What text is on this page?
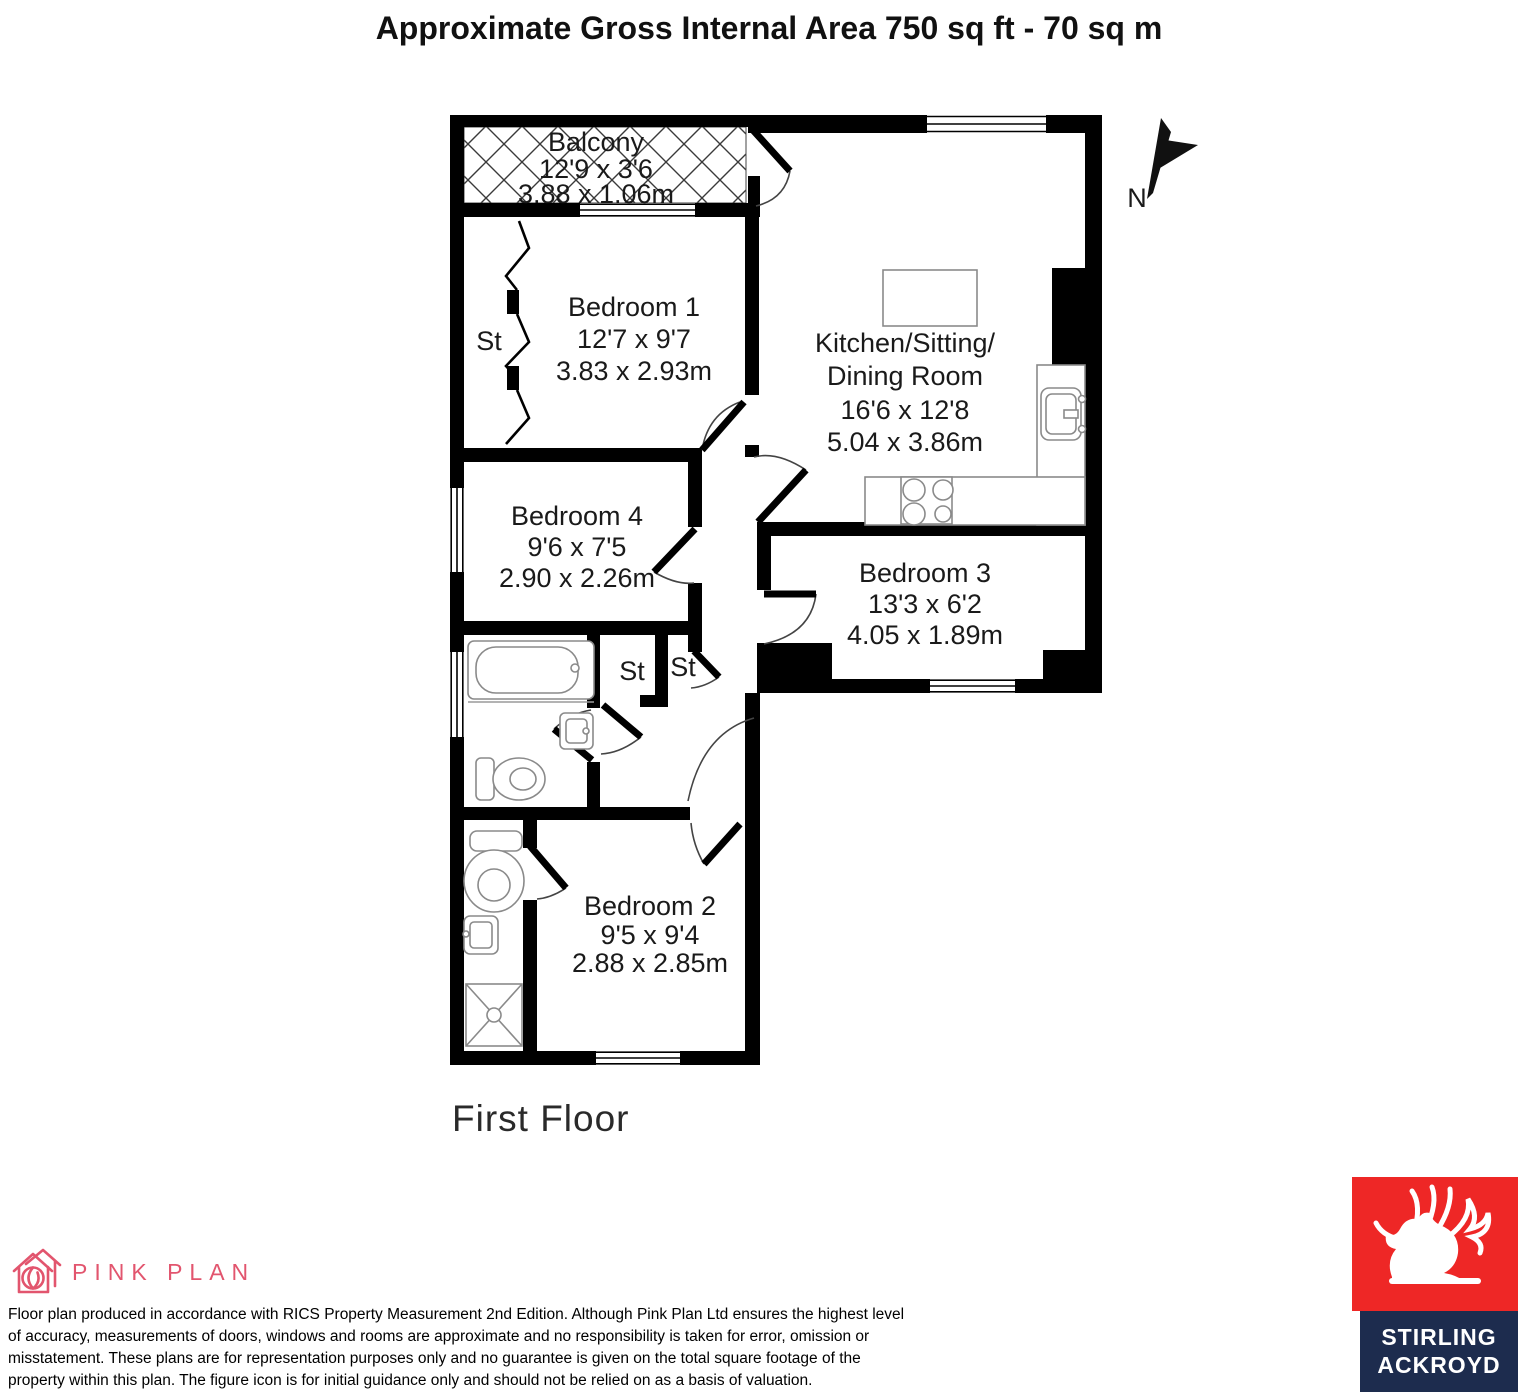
Approximate Gross Internal Area 750 sq ft - 70 sq m
N
Balcony
12'9 x 3'6
3.88 x 1.06m
Bedroom 1
12'7 x 9'7
3.83 x 2.93m
Kitchen/Sitting/
Dining Room
16'6 x 12'8
5.04 x 3.86m
Bedroom 4
9'6 x 7'5
2.90 x 2.26m	Bedroom 3
13'3 x 6'2
4.05 x 1.89m
Bedroom 2
9'5 x 9'4
2.88 x 2.85m
St
St St
First Floor
PINK PLAN
Floor plan produced in accordance with RICS Property Measurement 2nd Edition. Although Pink Plan Ltd ensures the highest level of accuracy, measurements of doors, windows and rooms are approximate and no responsibility is taken for error, omission or misstatement. These plans are for representation purposes only and no guarantee is given on the total square footage of the property within this plan. The figure icon is for initial guidance only and should not be relied on as a basis of valuation.
STIRLING
ACKROYD
